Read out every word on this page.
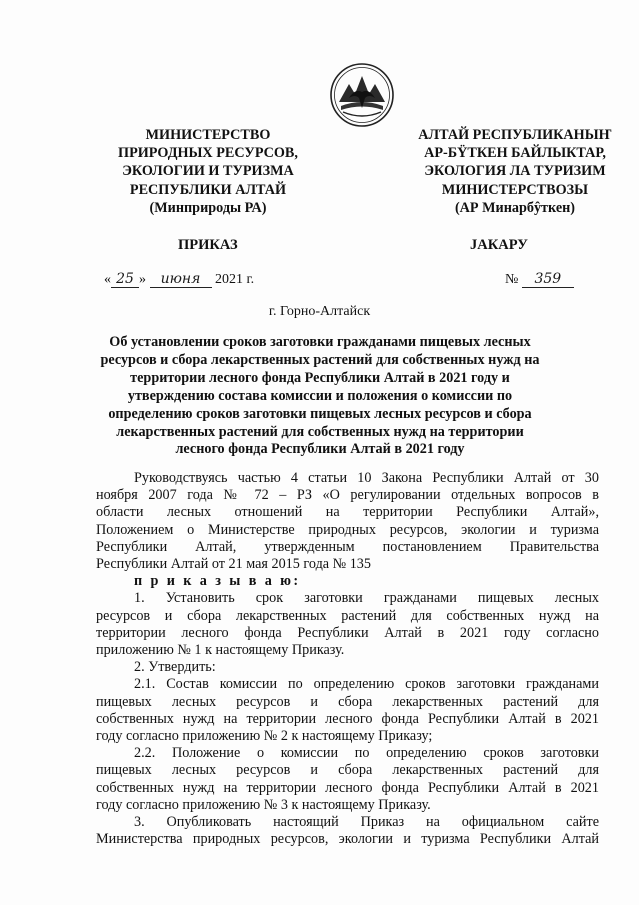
МИНИСТЕРСТВО
ПРИРОДНЫХ РЕСУРСОВ,
ЭКОЛОГИИ И ТУРИЗМА
РЕСПУБЛИКИ АЛТАЙ
(Минприроды РА)
АЛТАЙ РЕСПУБЛИКАНЫҤ
АР-БŸТКЕН БАЙЛЫКТАР,
ЭКОЛОГИЯ ЛА ТУРИЗИМ
МИНИСТЕРСТВОЗЫ
(АР Минарбŷткен)
ПРИКАЗ	JАКАРУ
« 25 » июня 2021 г.	№ 359
г. Горно-Алтайск
Об установлении сроков заготовки гражданами пищевых лесных
ресурсов и сбора лекарственных растений для собственных нужд на
территории лесного фонда Республики Алтай в 2021 году и
утверждению состава комиссии и положения о комиссии по
определению сроков заготовки пищевых лесных ресурсов и сбора
лекарственных растений для собственных нужд на территории
лесного фонда Республики Алтай в 2021 году

Руководствуясь частью 4 статьи 10 Закона Республики Алтай от 30
ноября 2007 года № 72 – РЗ «О регулировании отдельных вопросов в
области лесных отношений на территории Республики Алтай»,
Положением о Министерстве природных ресурсов, экологии и туризма
Республики Алтай, утвержденным постановлением Правительства
Республики Алтай от 21 мая 2015 года № 135

п р и к а з ы в а ю:

1. Установить срок заготовки гражданами пищевых лесных
ресурсов и сбора лекарственных растений для собственных нужд на
территории лесного фонда Республики Алтай в 2021 году согласно
приложению № 1 к настоящему Приказу.

2. Утвердить:

2.1. Состав комиссии по определению сроков заготовки гражданами
пищевых лесных ресурсов и сбора лекарственных растений для
собственных нужд на территории лесного фонда Республики Алтай в 2021
году согласно приложению № 2 к настоящему Приказу;

2.2. Положение о комиссии по определению сроков заготовки
пищевых лесных ресурсов и сбора лекарственных растений для
собственных нужд на территории лесного фонда Республики Алтай в 2021
году согласно приложению № 3 к настоящему Приказу.

3. Опубликовать настоящий Приказ на официальном сайте
Министерства природных ресурсов, экологии и туризма Республики Алтай
